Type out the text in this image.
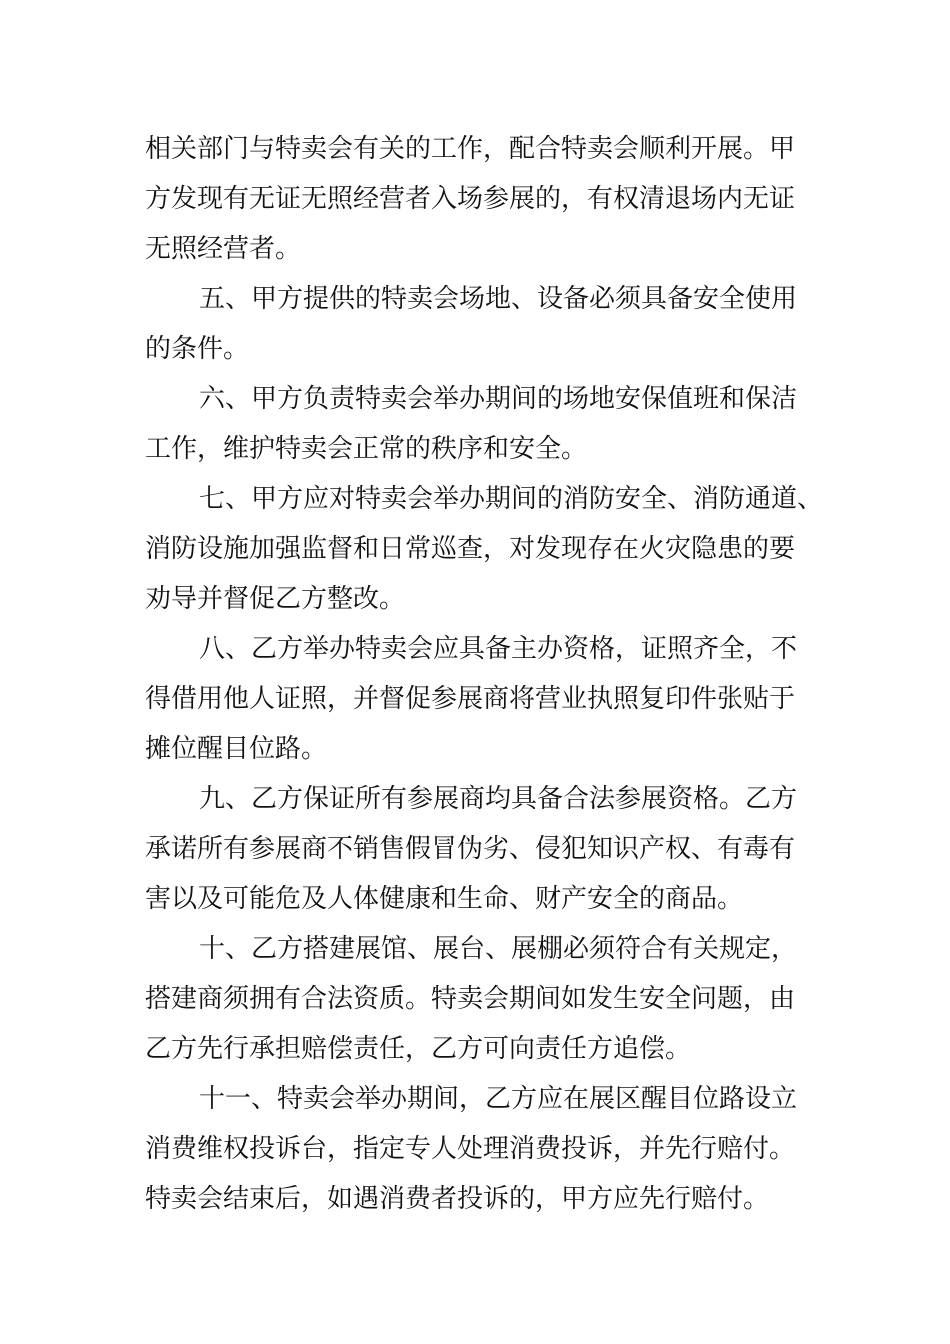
相关部门与特卖会有关的工作，配合特卖会顺利开展。甲
方发现有无证无照经营者入场参展的，有权清退场内无证
无照经营者。
五、甲方提供的特卖会场地、设备必须具备安全使用
的条件。
六、甲方负责特卖会举办期间的场地安保值班和保洁
工作，维护特卖会正常的秩序和安全。
七、甲方应对特卖会举办期间的消防安全、消防通道、
消防设施加强监督和日常巡查，对发现存在火灾隐患的要
劝导并督促乙方整改。
八、乙方举办特卖会应具备主办资格，证照齐全，不
得借用他人证照，并督促参展商将营业执照复印件张贴于
摊位醒目位路。
九、乙方保证所有参展商均具备合法参展资格。乙方
承诺所有参展商不销售假冒伪劣、侵犯知识产权、有毒有
害以及可能危及人体健康和生命、财产安全的商品。
十、乙方搭建展馆、展台、展棚必须符合有关规定，
搭建商须拥有合法资质。特卖会期间如发生安全问题，由
乙方先行承担赔偿责任，乙方可向责任方追偿。
十一、特卖会举办期间，乙方应在展区醒目位路设立
消费维权投诉台，指定专人处理消费投诉，并先行赔付。
特卖会结束后，如遇消费者投诉的，甲方应先行赔付。
